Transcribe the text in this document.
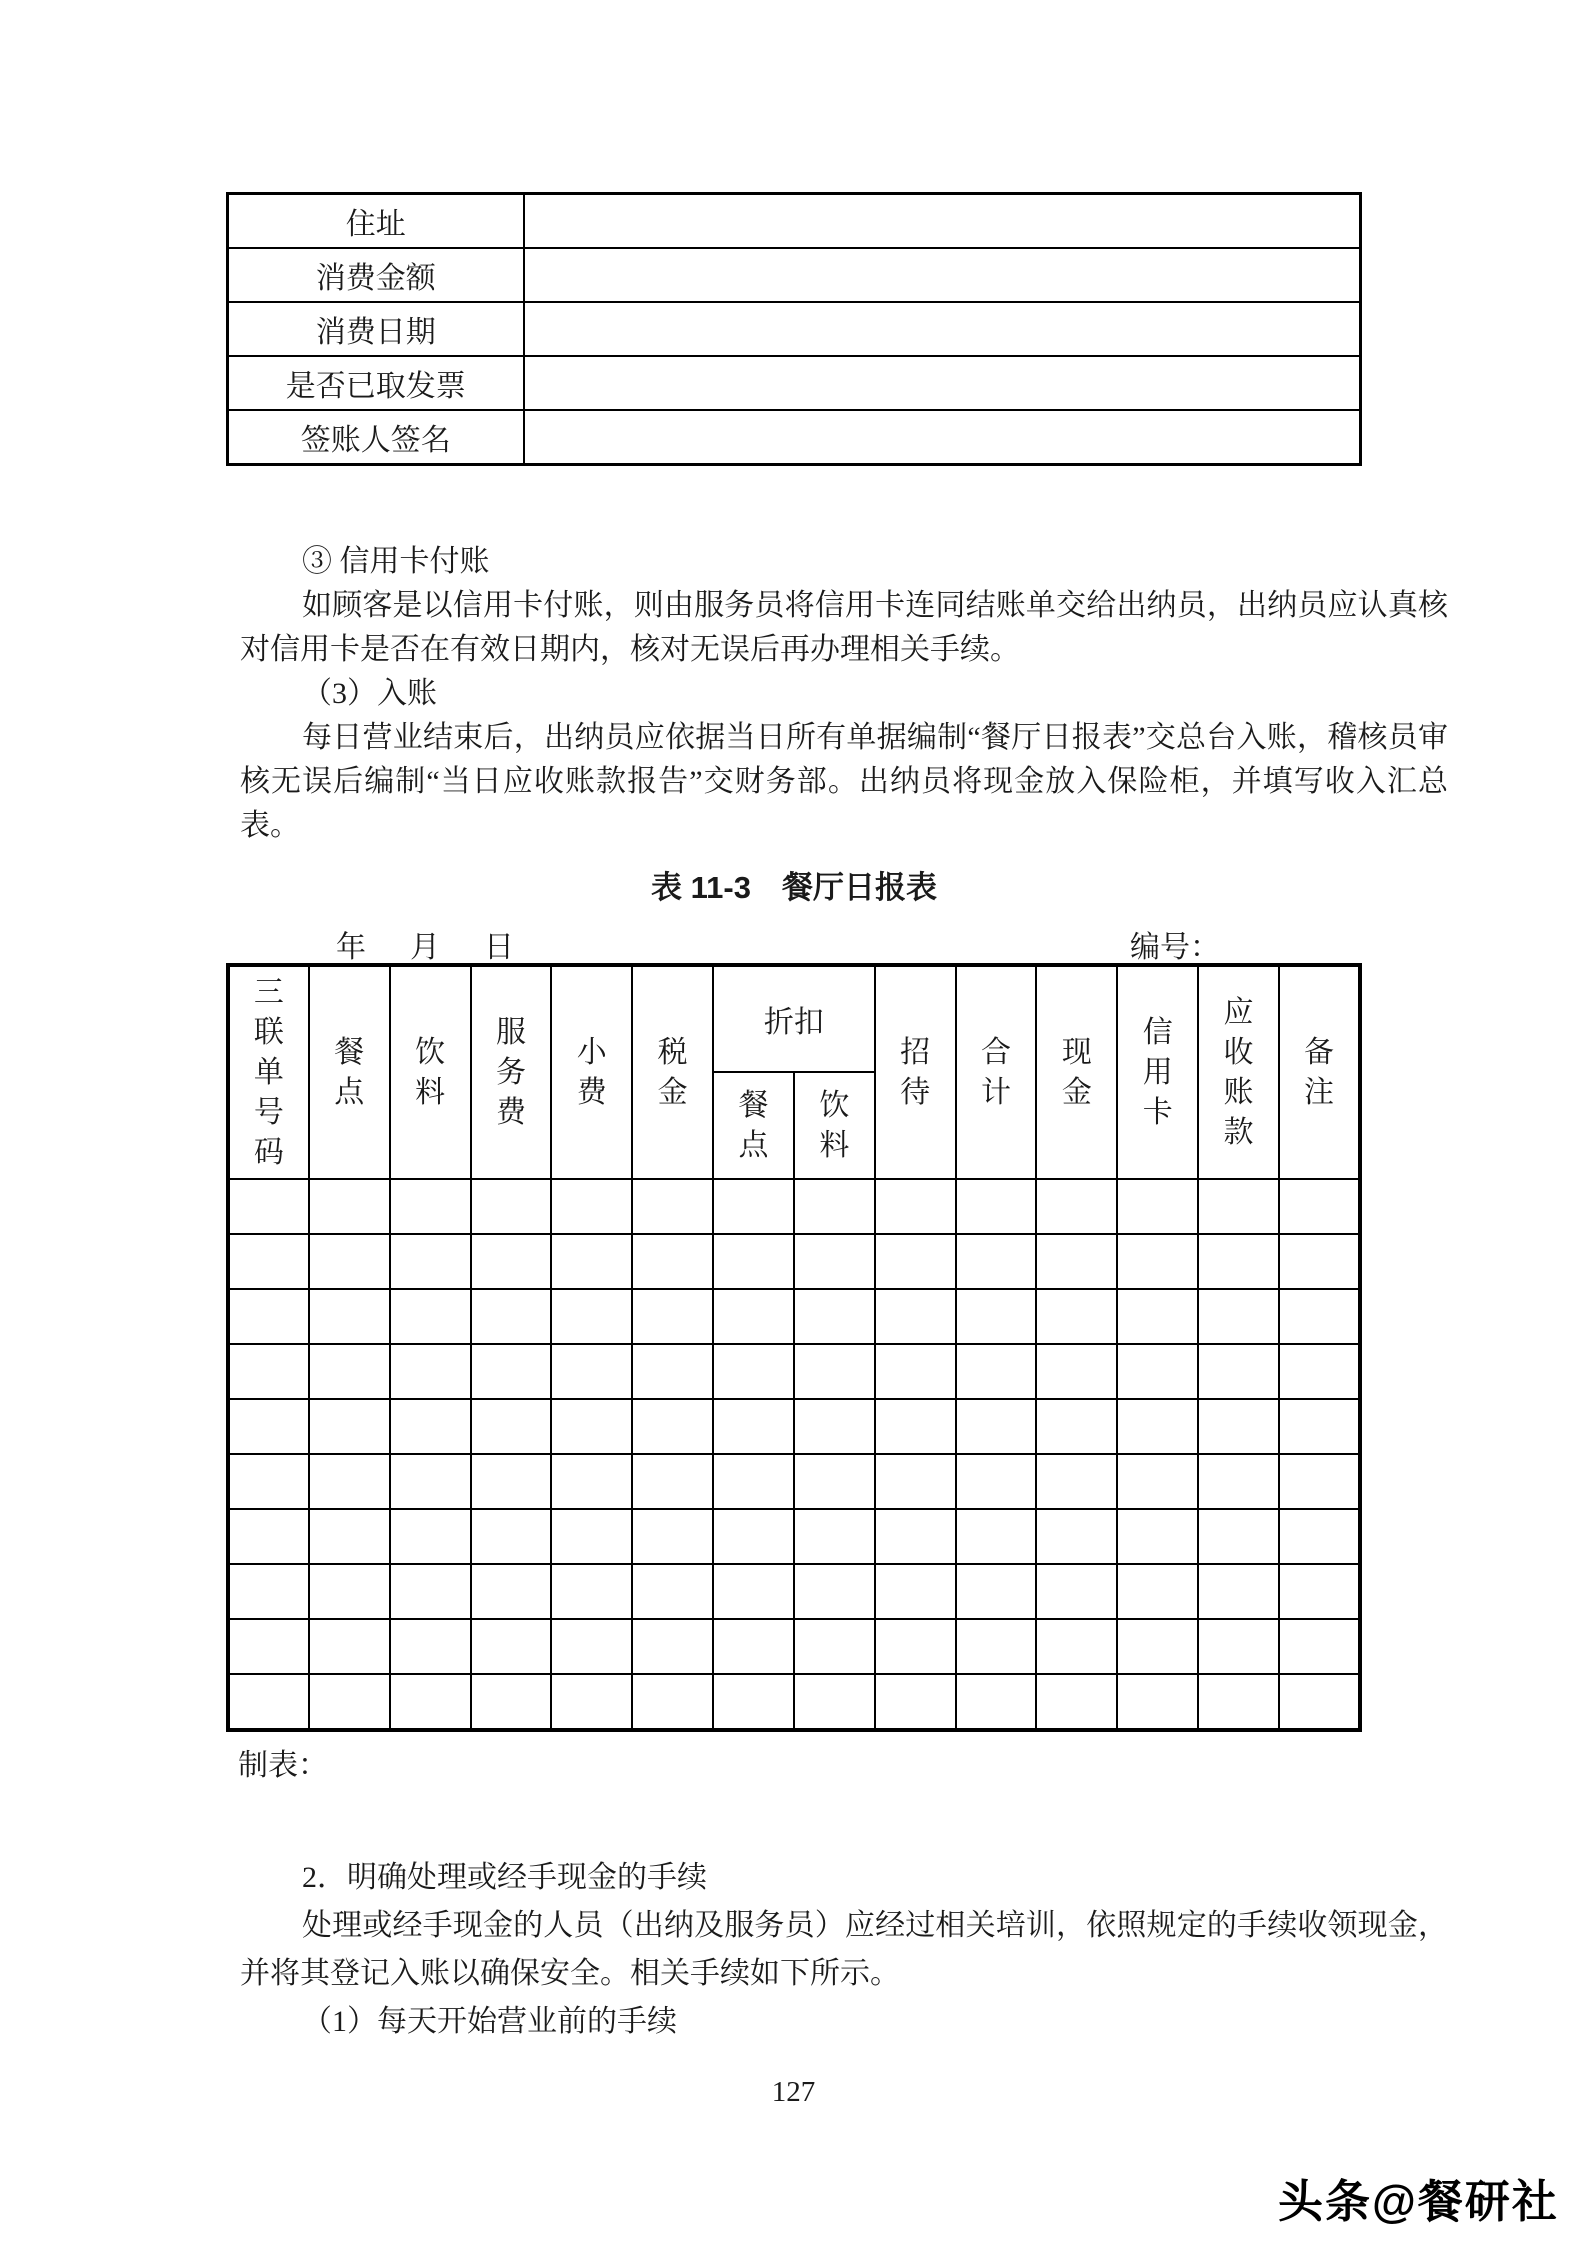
住址	
消费金额	
消费日期	
是否已取发票	
签账人签名	

③ 信用卡付账

如顾客是以信用卡付账，则由服务员将信用卡连同结账单交给出纳员，出纳员应认真核对信用卡是否在有效日期内，核对无误后再办理相关手续。

（3）入账

每日营业结束后，出纳员应依据当日所有单据编制“餐厅日报表”交总台入账，稽核员审核无误后编制“当日应收账款报告”交财务部。出纳员将现金放入保险柜，并填写收入汇总表。

表 11-3　餐厅日报表
年　月　日	编号：
三联单号码	餐点	饮料	服务费	小费	税金	折扣		招待	合计	现金	信用卡	应收账款	备注
						餐点	饮料						

制表：

2．明确处理或经手现金的手续

处理或经手现金的人员（出纳及服务员）应经过相关培训，依照规定的手续收领现金，并将其登记入账以确保安全。相关手续如下所示。

（1）每天开始营业前的手续

127
头条@餐研社
